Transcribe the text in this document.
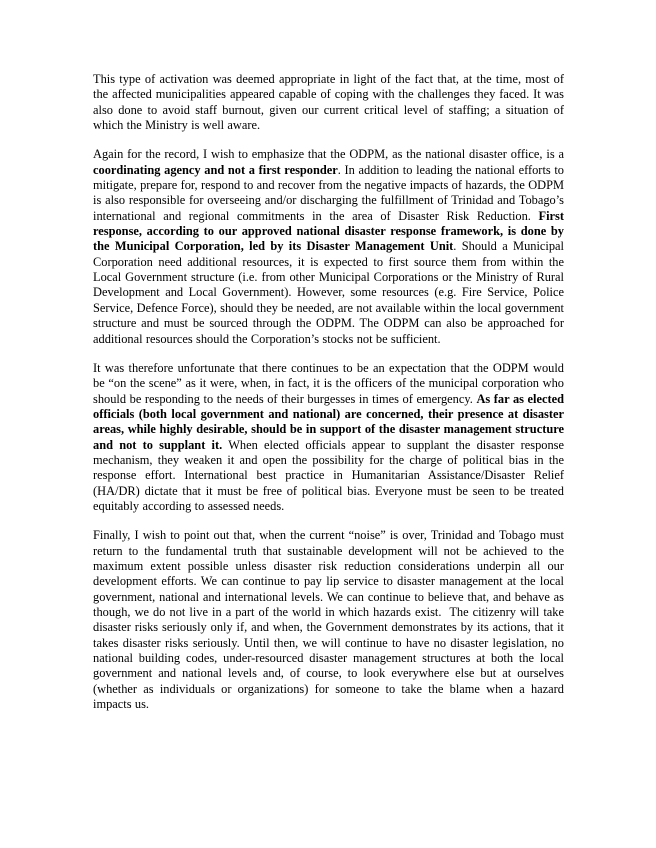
This type of activation was deemed appropriate in light of the fact that, at the time, most of the affected municipalities appeared capable of coping with the challenges they faced. It was also done to avoid staff burnout, given our current critical level of staffing; a situation of which the Ministry is well aware.

Again for the record, I wish to emphasize that the ODPM, as the national disaster office, is a coordinating agency and not a first responder. In addition to leading the national efforts to mitigate, prepare for, respond to and recover from the negative impacts of hazards, the ODPM is also responsible for overseeing and/or discharging the fulfillment of Trinidad and Tobago’s international and regional commitments in the area of Disaster Risk Reduction. First response, according to our approved national disaster response framework, is done by the Municipal Corporation, led by its Disaster Management Unit. Should a Municipal Corporation need additional resources, it is expected to first source them from within the Local Government structure (i.e. from other Municipal Corporations or the Ministry of Rural Development and Local Government). However, some resources (e.g. Fire Service, Police Service, Defence Force), should they be needed, are not available within the local government structure and must be sourced through the ODPM. The ODPM can also be approached for additional resources should the Corporation’s stocks not be sufficient.

It was therefore unfortunate that there continues to be an expectation that the ODPM would be “on the scene” as it were, when, in fact, it is the officers of the municipal corporation who should be responding to the needs of their burgesses in times of emergency. As far as elected officials (both local government and national) are concerned, their presence at disaster areas, while highly desirable, should be in support of the disaster management structure and not to supplant it. When elected officials appear to supplant the disaster response mechanism, they weaken it and open the possibility for the charge of political bias in the response effort. International best practice in Humanitarian Assistance/Disaster Relief (HA/DR) dictate that it must be free of political bias. Everyone must be seen to be treated equitably according to assessed needs.

Finally, I wish to point out that, when the current “noise” is over, Trinidad and Tobago must return to the fundamental truth that sustainable development will not be achieved to the maximum extent possible unless disaster risk reduction considerations underpin all our development efforts. We can continue to pay lip service to disaster management at the local government, national and international levels. We can continue to believe that, and behave as though, we do not live in a part of the world in which hazards exist.  The citizenry will take disaster risks seriously only if, and when, the Government demonstrates by its actions, that it takes disaster risks seriously. Until then, we will continue to have no disaster legislation, no national building codes, under-resourced disaster management structures at both the local government and national levels and, of course, to look everywhere else but at ourselves (whether as individuals or organizations) for someone to take the blame when a hazard impacts us.
